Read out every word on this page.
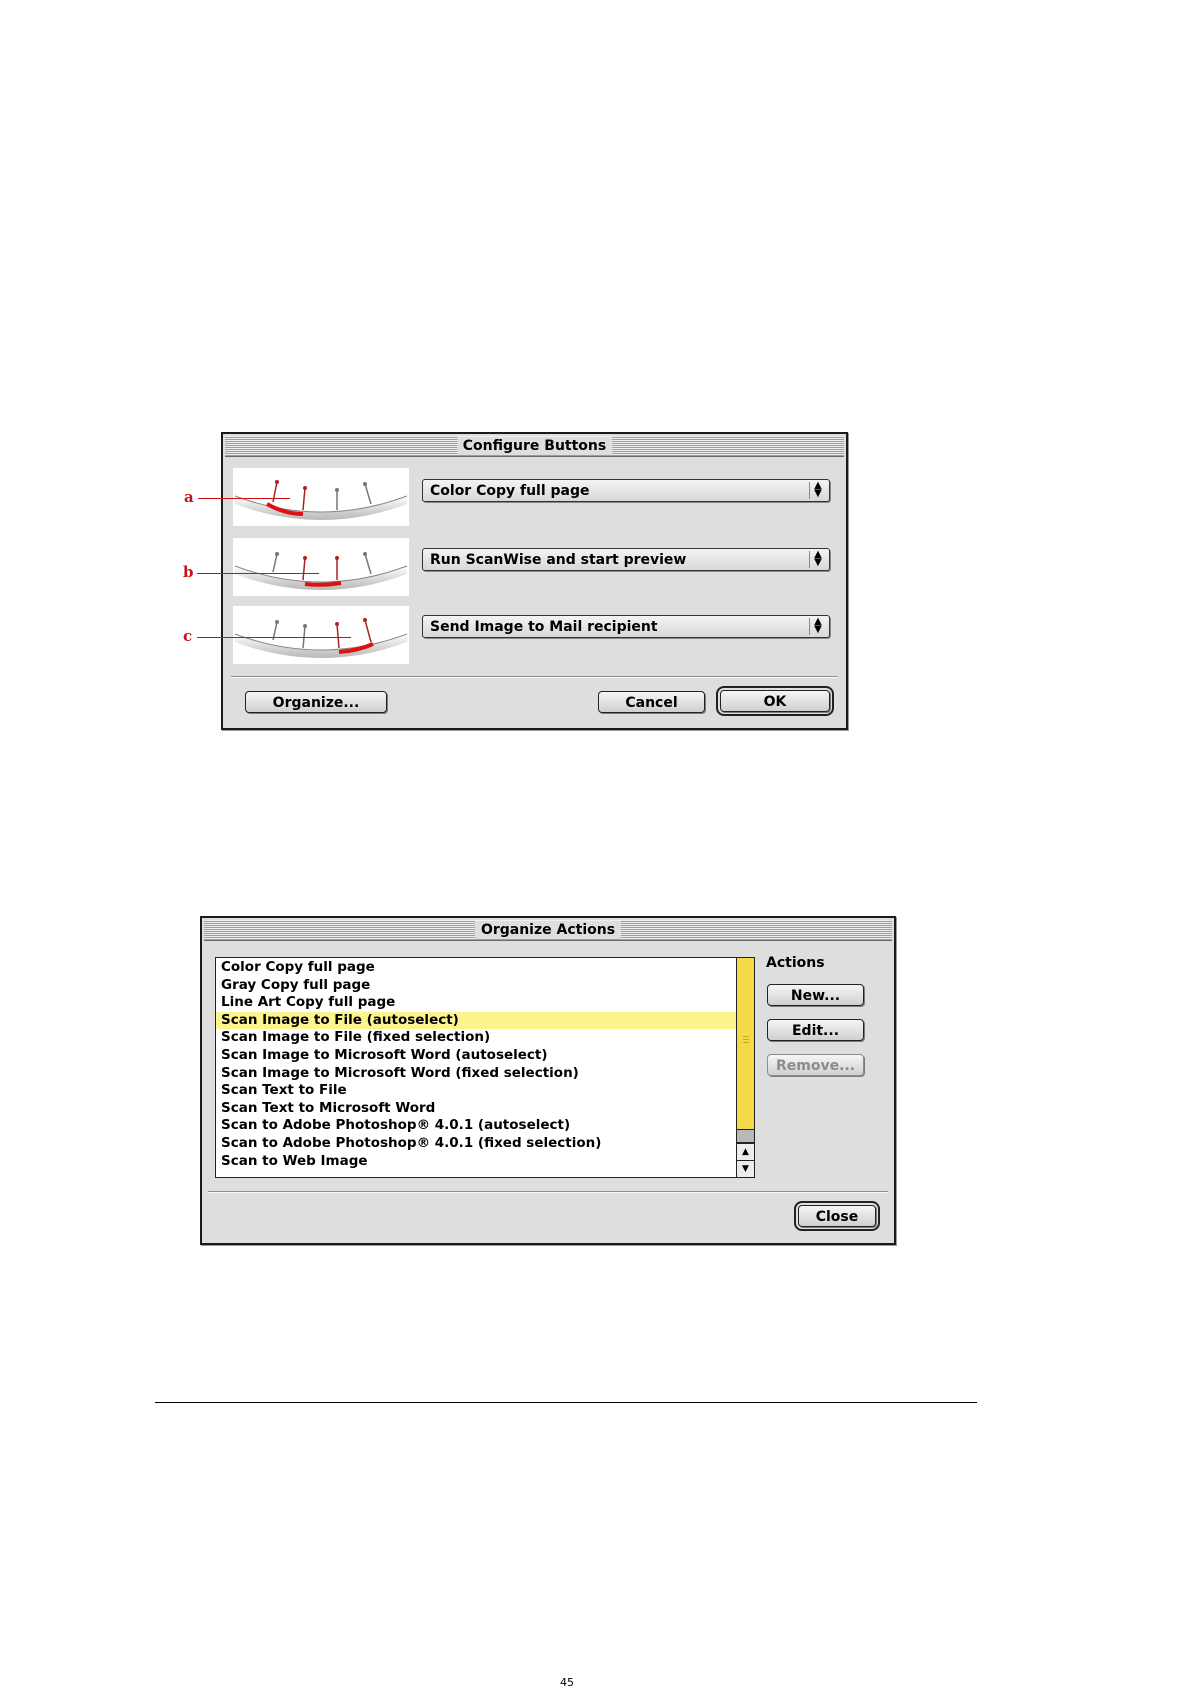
Configure Buttons
Color Copy full page	▲
▼
Run ScanWise and start preview	▲
▼
Send Image to Mail recipient	▲
▼
Organize...	Cancel	OK
a
b
c
Organize Actions
Color Copy full page
Gray Copy full page
Line Art Copy full page
Scan Image to File (autoselect)
Scan Image to File (fixed selection)
Scan Image to Microsoft Word (autoselect)
Scan Image to Microsoft Word (fixed selection)
Scan Text to File
Scan Text to Microsoft Word
Scan to Adobe Photoshop® 4.0.1 (autoselect)
Scan to Adobe Photoshop® 4.0.1 (fixed selection)
Scan to Web Image
▲
▼
Actions
New...
Edit...
Remove...
Close
45
